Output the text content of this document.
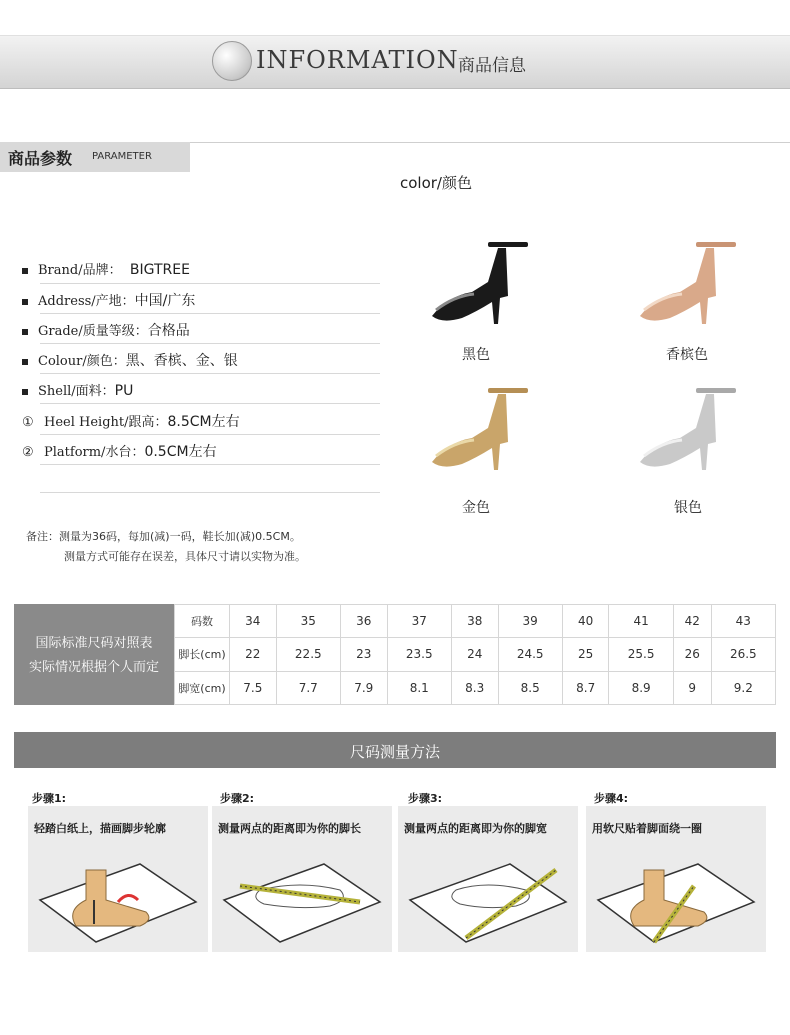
INFORMATION 商品信息
商品参数 PARAMETER
Brand/品牌： BIGTREE
Address/产地：中国/广东
Grade/质量等级：合格品
Colour/颜色：黑、香槟、金、银
Shell/面料：PU
① Heel Height/跟高：8.5CM左右
② Platform/水台：0.5CM左右
color/颜色
黑色	香槟色
金色	银色
备注：测量为36码，每加(减)一码，鞋长加(减)0.5CM。
测量方式可能存在误差，具体尺寸请以实物为准。
国际标准尺码对照表
实际情况根据个人而定
码数	34	35	36	37	38	39	40	41	42	43
脚长(cm)	22	22.5	23	23.5	24	24.5	25	25.5	26	26.5
脚宽(cm)	7.5	7.7	7.9	8.1	8.3	8.5	8.7	8.9	9	9.2
尺码测量方法
步骤1:
轻踏白纸上，描画脚步轮廓
步骤2:
测量两点的距离即为你的脚长
步骤3:
测量两点的距离即为你的脚宽
步骤4:
用软尺贴着脚面绕一圈
